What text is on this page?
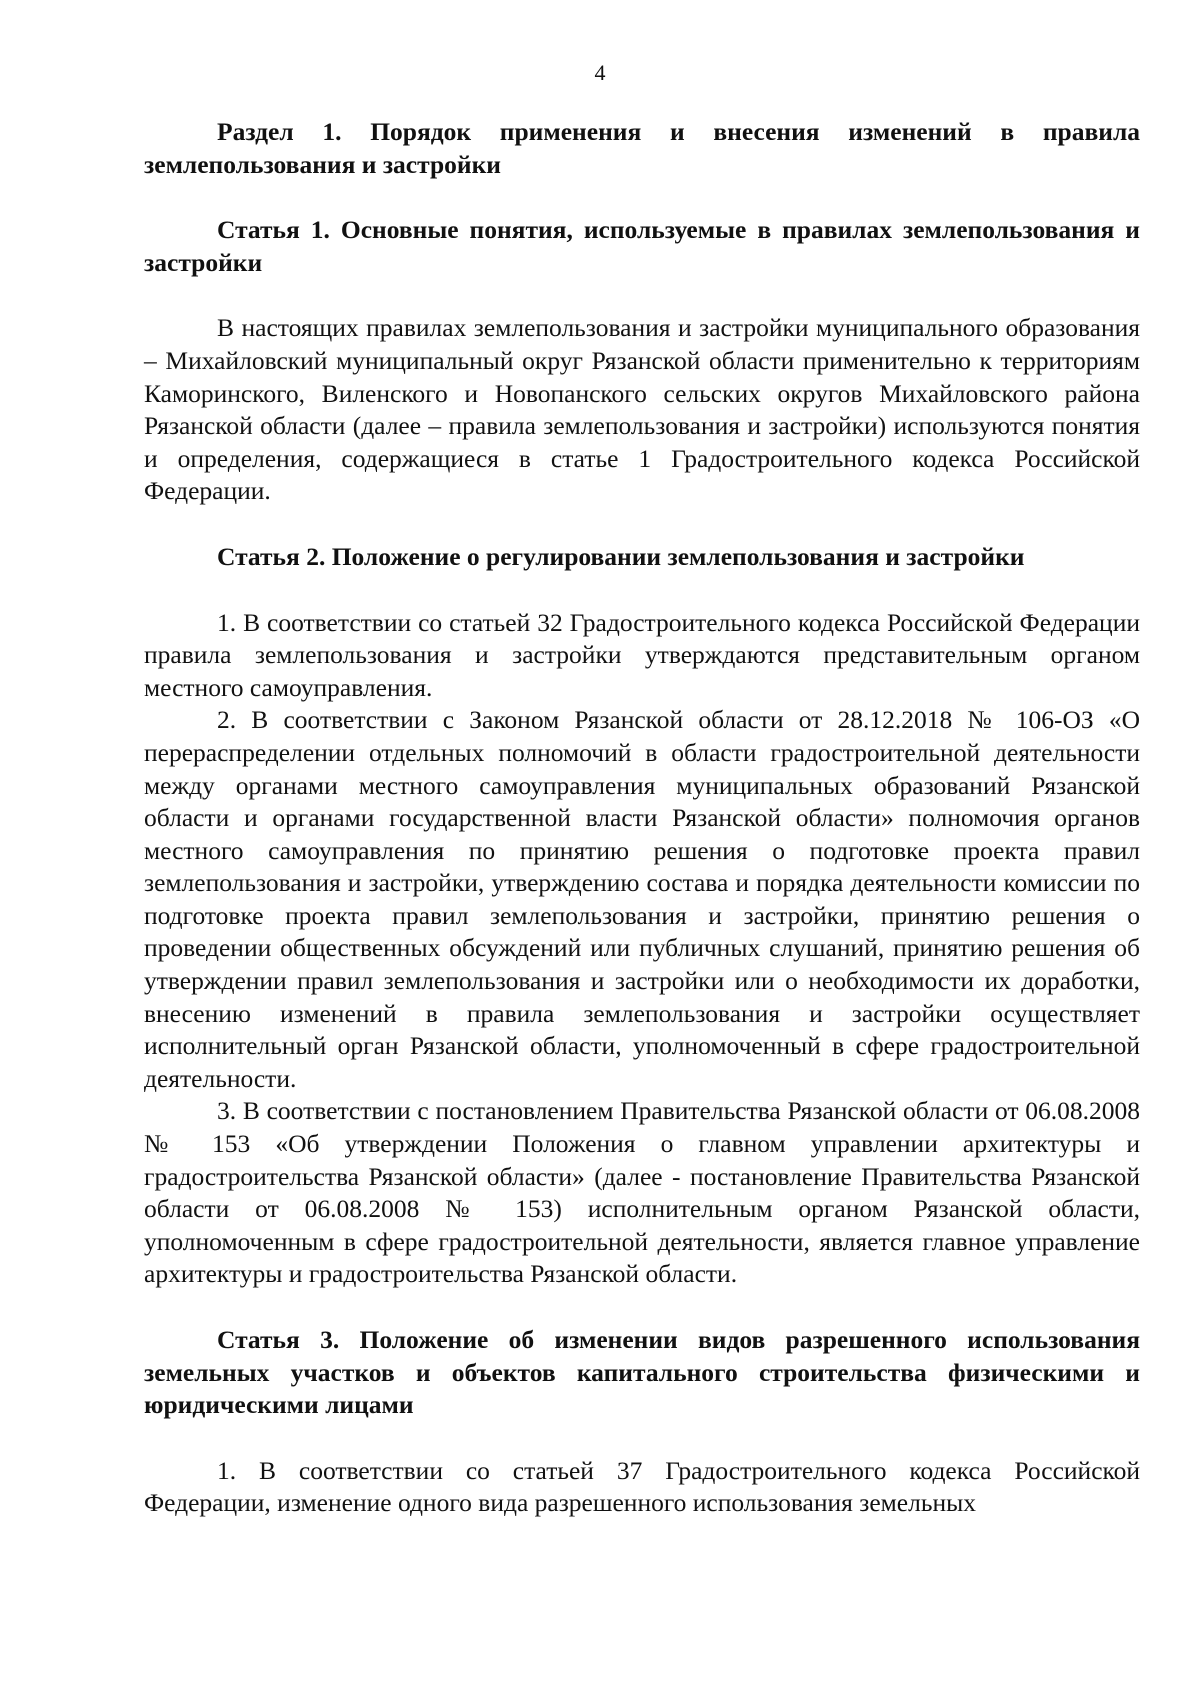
4

Раздел 1. Порядок применения и внесения изменений в правила землепользования и застройки

Статья 1. Основные понятия, используемые в правилах землепользования и застройки

В настоящих правилах землепользования и застройки муниципального образования – Михайловский муниципальный округ Рязанской области применительно к территориям Каморинского, Виленского и Новопанского сельских округов Михайловского района Рязанской области (далее – правила землепользования и застройки) используются понятия и определения, содержащиеся в статье 1 Градостроительного кодекса Российской Федерации.

Статья 2. Положение о регулировании землепользования и застройки

1. В соответствии со статьей 32 Градостроительного кодекса Российской Федерации правила землепользования и застройки утверждаются представительным органом местного самоуправления.

2. В соответствии с Законом Рязанской области от 28.12.2018 № 106-ОЗ «О перераспределении отдельных полномочий в области градостроительной деятельности между органами местного самоуправления муниципальных образований Рязанской области и органами государственной власти Рязанской области» полномочия органов местного самоуправления по принятию решения о подготовке проекта правил землепользования и застройки, утверждению состава и порядка деятельности комиссии по подготовке проекта правил землепользования и застройки, принятию решения о проведении общественных обсуждений или публичных слушаний, принятию решения об утверждении правил землепользования и застройки или о необходимости их доработки, внесению изменений в правила землепользования и застройки осуществляет исполнительный орган Рязанской области, уполномоченный в сфере градостроительной деятельности.

3. В соответствии с постановлением Правительства Рязанской области от 06.08.2008 № 153 «Об утверждении Положения о главном управлении архитектуры и градостроительства Рязанской области» (далее - постановление Правительства Рязанской области от 06.08.2008 № 153) исполнительным органом Рязанской области, уполномоченным в сфере градостроительной деятельности, является главное управление архитектуры и градостроительства Рязанской области.

Статья 3. Положение об изменении видов разрешенного использования земельных участков и объектов капитального строительства физическими и юридическими лицами

1. В соответствии со статьей 37 Градостроительного кодекса Российской Федерации, изменение одного вида разрешенного использования земельных
